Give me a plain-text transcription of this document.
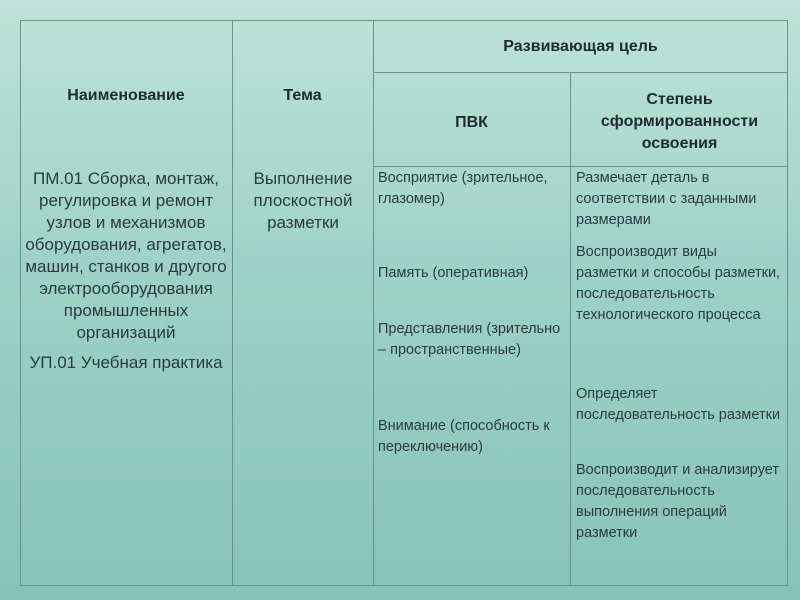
Наименование	Тема
Развивающая цель
ПВК
Степень сформированности освоения

ПМ.01 Сборка, монтаж, регулировка и ремонт узлов и механизмов оборудования, агрегатов, машин, станков и другого электрооборудования промышленных организаций

УП.01 Учебная практика

Выполнение плоскостной разметки
Восприятие (зрительное, глазомер)
Память (оперативная)
Представления (зрительно – пространственные)
Внимание (способность к переключению)
Размечает деталь в соответствии с заданными размерами
Воспроизводит виды разметки и способы разметки, последовательность технологического процесса
Определяет последовательность разметки
Воспроизводит и анализирует последовательность выполнения операций разметки
